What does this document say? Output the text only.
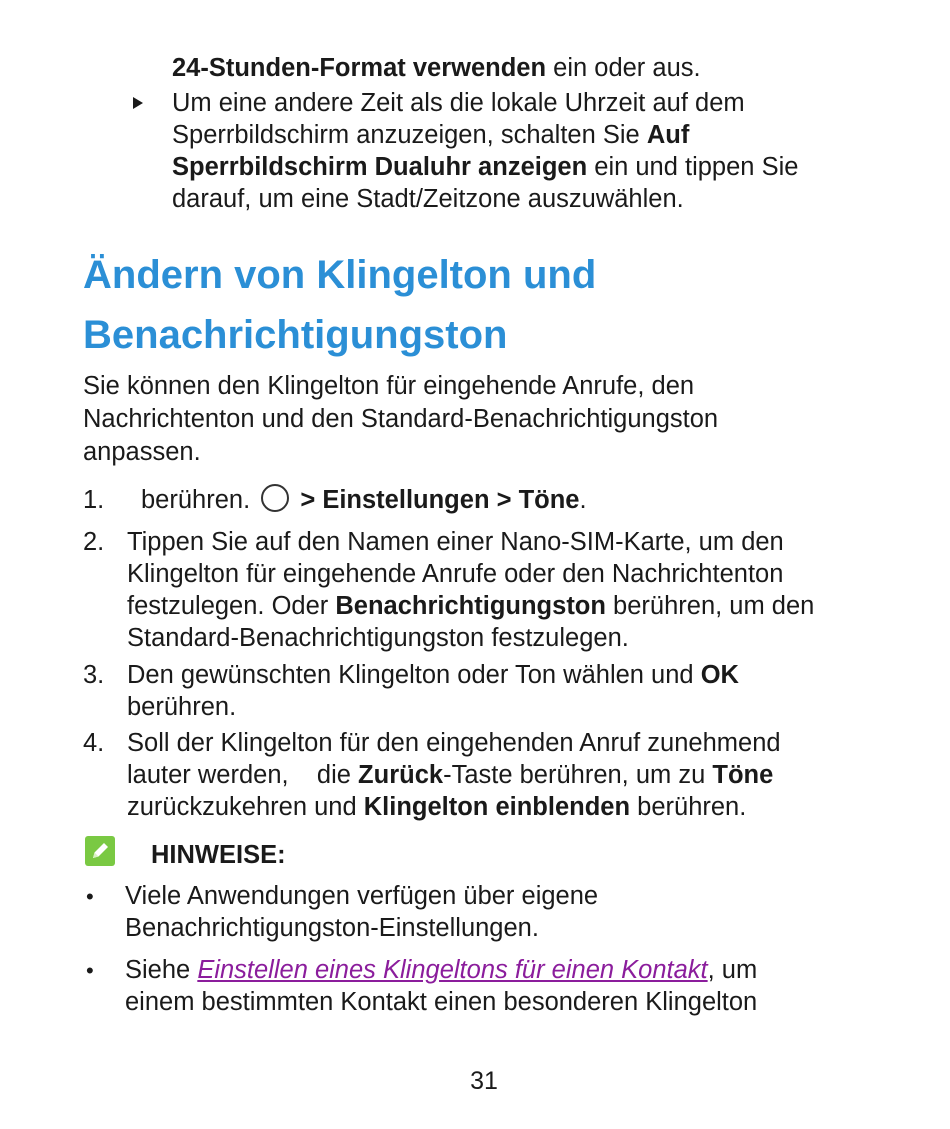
24-Stunden-Format verwenden ein oder aus.
Um eine andere Zeit als die lokale Uhrzeit auf dem
Sperrbildschirm anzuzeigen, schalten Sie Auf
Sperrbildschirm Dualuhr anzeigen ein und tippen Sie
darauf, um eine Stadt/Zeitzone auszuwählen.
Ändern von Klingelton und
Benachrichtigungston
Sie können den Klingelton für eingehende Anrufe, den
Nachrichtenton und den Standard-Benachrichtigungston
anpassen.
1. berühren. > Einstellungen > Töne.
2. Tippen Sie auf den Namen einer Nano-SIM-Karte, um den
Klingelton für eingehende Anrufe oder den Nachrichtenton
festzulegen. Oder Benachrichtigungston berühren, um den
Standard-Benachrichtigungston festzulegen.
3. Den gewünschten Klingelton oder Ton wählen und OK
berühren.
4. Soll der Klingelton für den eingehenden Anruf zunehmend
lauter werden,    die Zurück-Taste berühren, um zu Töne
zurückzukehren und Klingelton einblenden berühren.
HINWEISE:
• Viele Anwendungen verfügen über eigene
Benachrichtigungston-Einstellungen.
• Siehe Einstellen eines Klingeltons für einen Kontakt, um
einem bestimmten Kontakt einen besonderen Klingelton
31
